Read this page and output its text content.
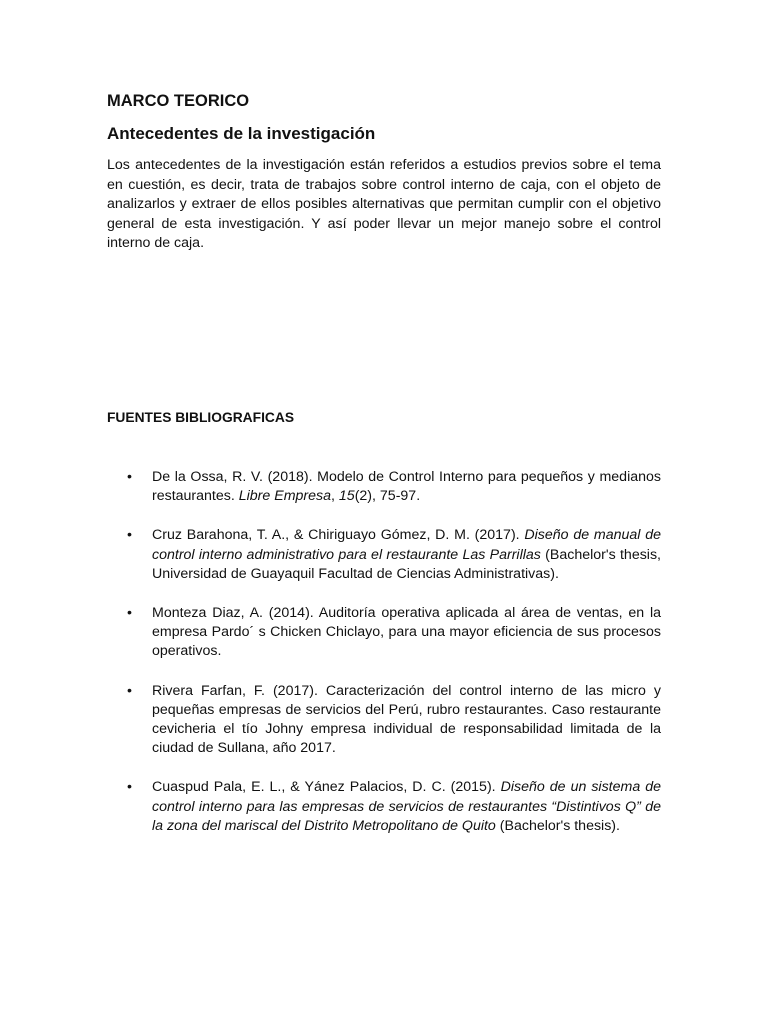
MARCO TEORICO
Antecedentes de la investigación

Los antecedentes de la investigación están referidos a estudios previos sobre el tema en cuestión, es decir, trata de trabajos sobre control interno de caja, con el objeto de analizarlos y extraer de ellos posibles alternativas que permitan cumplir con el objetivo general de esta investigación. Y así poder llevar un mejor manejo sobre el control interno de caja.

FUENTES BIBLIOGRAFICAS
• De la Ossa, R. V. (2018). Modelo de Control Interno para pequeños y medianos restaurantes. Libre Empresa, 15(2), 75-97.
• Cruz Barahona, T. A., & Chiriguayo Gómez, D. M. (2017). Diseño de manual de control interno administrativo para el restaurante Las Parrillas (Bachelor's thesis, Universidad de Guayaquil Facultad de Ciencias Administrativas).
• Monteza Diaz, A. (2014). Auditoría operativa aplicada al área de ventas, en la empresa Pardo´ s Chicken Chiclayo, para una mayor eficiencia de sus procesos operativos.
• Rivera Farfan, F. (2017). Caracterización del control interno de las micro y pequeñas empresas de servicios del Perú, rubro restaurantes. Caso restaurante cevicheria el tío Johny empresa individual de responsabilidad limitada de la ciudad de Sullana, año 2017.
• Cuaspud Pala, E. L., & Yánez Palacios, D. C. (2015). Diseño de un sistema de control interno para las empresas de servicios de restaurantes “Distintivos Q” de la zona del mariscal del Distrito Metropolitano de Quito (Bachelor's thesis).
